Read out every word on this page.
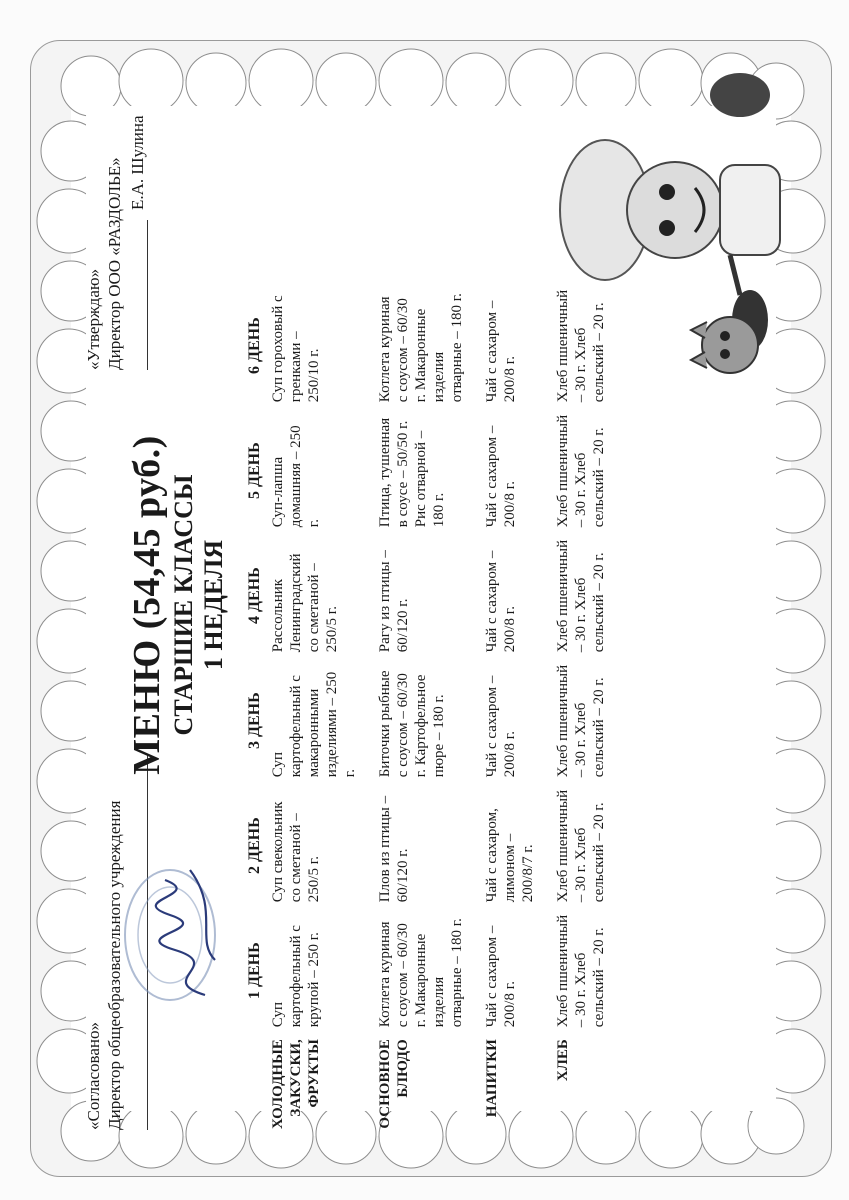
«Согласовано» Директор общеобразовательного учреждения
«Утверждаю» Директор ООО «РАЗДОЛЬЕ» Е.А. Шулина
МЕНЮ (54,45 руб.) СТАРШИЕ КЛАССЫ 1 НЕДЕЛЯ
	1 ДЕНЬ	2 ДЕНЬ	3 ДЕНЬ	4 ДЕНЬ	5 ДЕНЬ	6 ДЕНЬ

ХОЛОДНЫЕ ЗАКУСКИ, ФРУКТЫ	Суп картофельный с крупой – 250 г.	Суп свекольник со сметаной – 250/5 г.	Суп картофельный с макаронными изделиями – 250 г.	Рассольник Ленинградский со сметаной – 250/5 г.	Суп-лапша домашняя – 250 г.	Суп гороховый с гренками – 250/10 г.

ОСНОВНОЕ БЛЮДО	Котлета куриная с соусом – 60/30 г. Макаронные изделия отварные – 180 г.	Плов из птицы – 60/120 г.	Биточки рыбные с соусом – 60/30 г. Картофельное пюре – 180 г.	Рагу из птицы – 60/120 г.	Птица, тушенная в соусе – 50/50 г. Рис отварной – 180 г.	Котлета куриная с соусом – 60/30 г. Макаронные изделия отварные – 180 г.

НАПИТКИ	Чай с сахаром – 200/8 г.	Чай с сахаром, лимоном – 200/8/7 г.	Чай с сахаром – 200/8 г.	Чай с сахаром – 200/8 г.	Чай с сахаром – 200/8 г.	Чай с сахаром – 200/8 г.

ХЛЕБ	Хлеб пшеничный – 30 г. Хлеб сельский – 20 г.	Хлеб пшеничный – 30 г. Хлеб сельский – 20 г.	Хлеб пшеничный – 30 г. Хлеб сельский – 20 г.	Хлеб пшеничный – 30 г. Хлеб сельский – 20 г.	Хлеб пшеничный – 30 г. Хлеб сельский – 20 г.	Хлеб пшеничный – 30 г. Хлеб сельский – 20 г.
